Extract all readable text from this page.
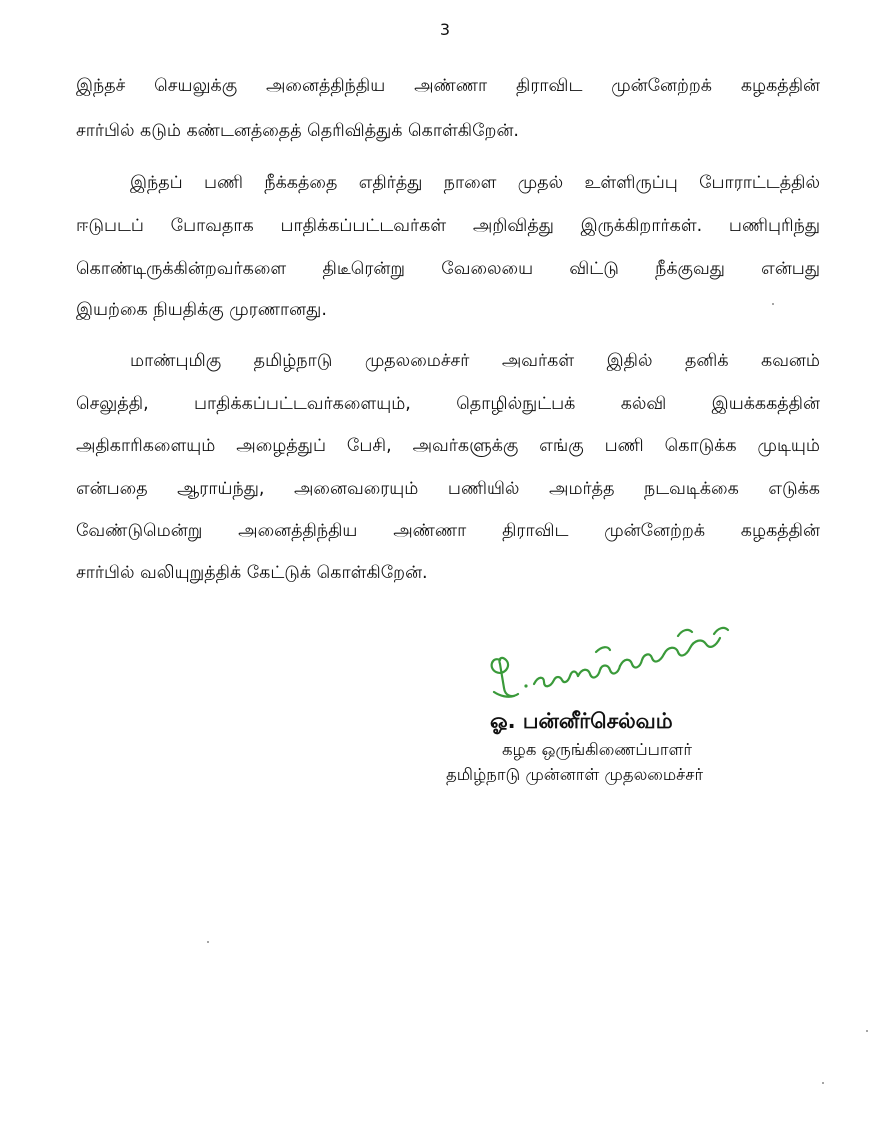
3
இந்தச் செயலுக்கு அனைத்திந்திய அண்ணா திராவிட முன்னேற்றக் கழகத்தின்
சார்பில் கடும் கண்டனத்தைத் தெரிவித்துக் கொள்கிறேன்.
இந்தப் பணி நீக்கத்தை எதிர்த்து நாளை முதல் உள்ளிருப்பு போராட்டத்தில்
ஈடுபடப் போவதாக பாதிக்கப்பட்டவர்கள் அறிவித்து இருக்கிறார்கள். பணிபுரிந்து
கொண்டிருக்கின்றவர்களை திடீரென்று வேலையை விட்டு நீக்குவது என்பது
இயற்கை நியதிக்கு முரணானது.
மாண்புமிகு தமிழ்நாடு முதலமைச்சர் அவர்கள் இதில் தனிக் கவனம்
செலுத்தி, பாதிக்கப்பட்டவர்களையும், தொழில்நுட்பக் கல்வி இயக்ககத்தின்
அதிகாரிகளையும் அழைத்துப் பேசி, அவர்களுக்கு எங்கு பணி கொடுக்க முடியும்
என்பதை ஆராய்ந்து, அனைவரையும் பணியில் அமர்த்த நடவடிக்கை எடுக்க
வேண்டுமென்று அனைத்திந்திய அண்ணா திராவிட முன்னேற்றக் கழகத்தின்
சார்பில் வலியுறுத்திக் கேட்டுக் கொள்கிறேன்.
ஓ. பன்னீர்செல்வம்
கழக ஒருங்கிணைப்பாளர்
தமிழ்நாடு முன்னாள் முதலமைச்சர்
